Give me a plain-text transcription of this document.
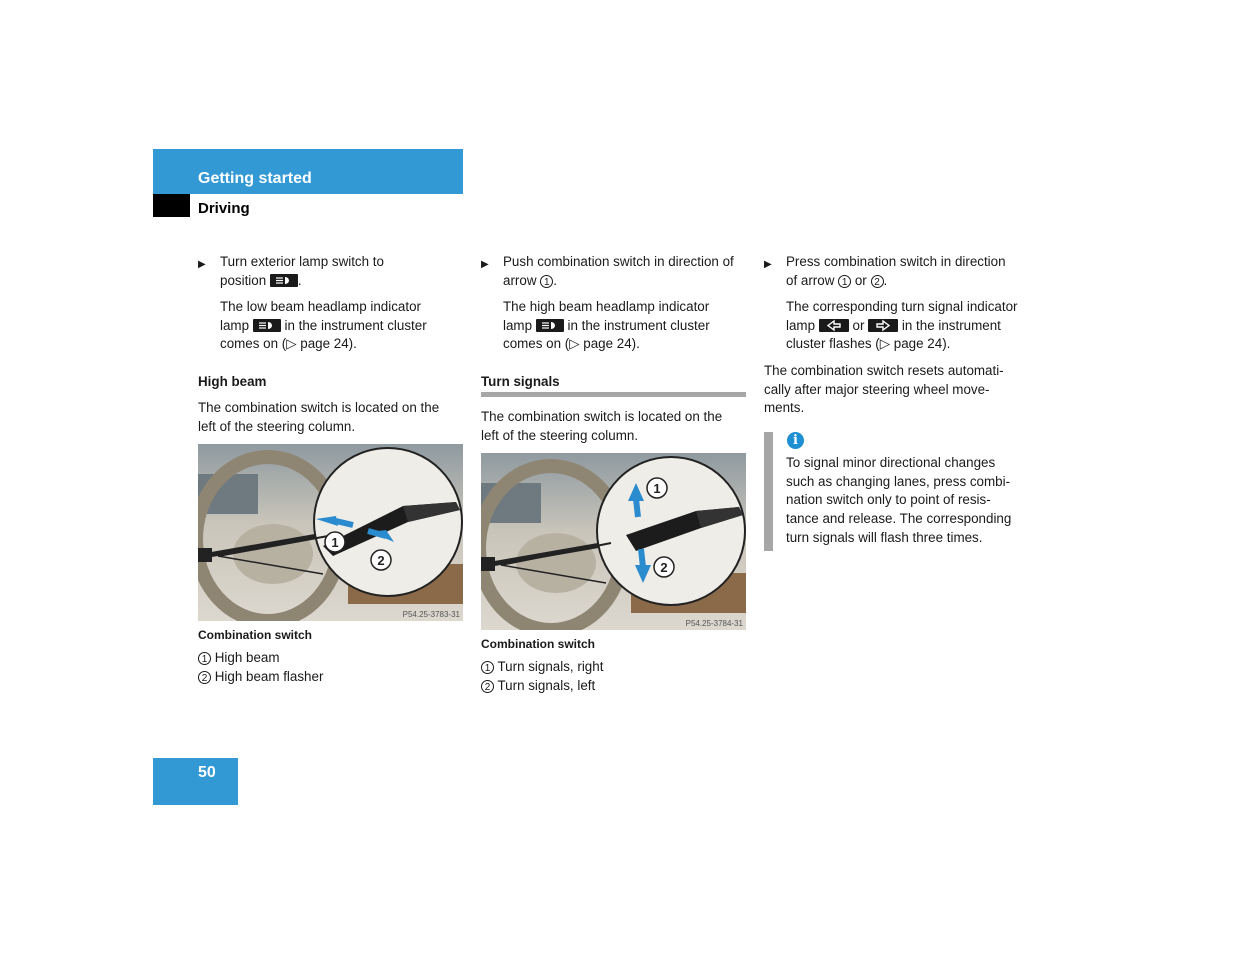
Getting started
Driving
▶ Turn exterior lamp switch to

position .

The low beam headlamp indicator

lamp	in the instrument cluster

comes on (▷ page 24).

High beam

The combination switch is located on the

left of the steering column.

1
2
P54.25-3783-31
Combination switch

1 High beam

2 High beam flasher

▶ Push combination switch in direction of

arrow 1 .

The high beam headlamp indicator

lamp	in the instrument cluster

comes on (▷ page 24).

Turn signals

The combination switch is located on the

left of the steering column.

1
2
P54.25-3784-31
Combination switch

1 Turn signals, right

2 Turn signals, left

▶ Press combination switch in direction

of arrow 1 or 2 .

The corresponding turn signal indicator

lamp	or	in the instrument

cluster flashes (▷ page 24).

The combination switch resets automati-

cally after major steering wheel move-

ments.

i

To signal minor directional changes

such as changing lanes, press combi-

nation switch only to point of resis-

tance and release. The corresponding

turn signals will flash three times.

50
